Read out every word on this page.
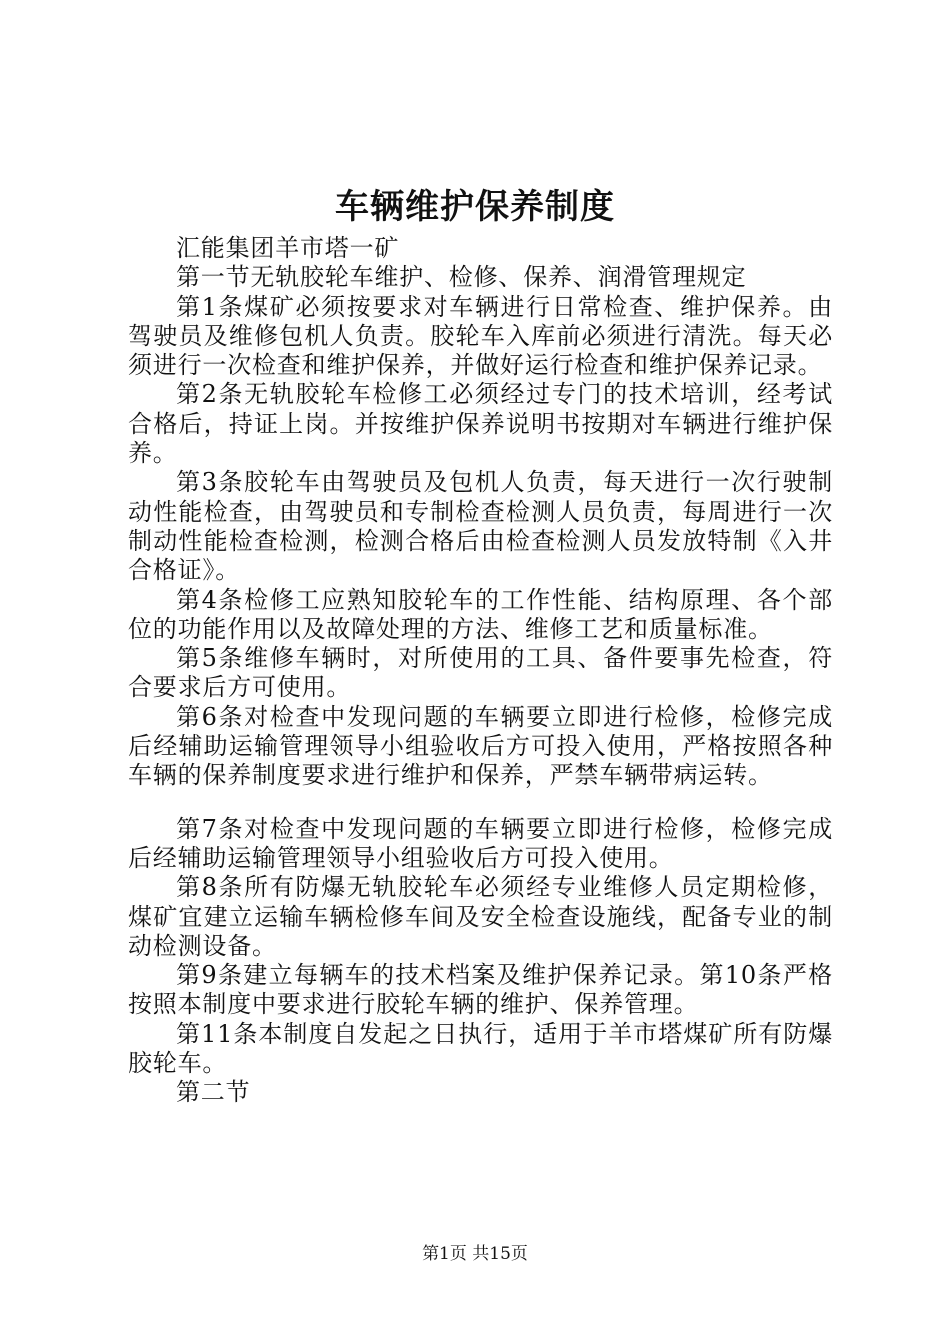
车辆维护保养制度

汇能集团羊市塔一矿

第一节无轨胶轮车维护、检修、保养、润滑管理规定

第1条煤矿必须按要求对车辆进行日常检查、维护保养。由驾驶员及维修包机人负责。胶轮车入库前必须进行清洗。每天必须进行一次检查和维护保养，并做好运行检查和维护保养记录。

第2条无轨胶轮车检修工必须经过专门的技术培训，经考试合格后，持证上岗。并按维护保养说明书按期对车辆进行维护保养。

第3条胶轮车由驾驶员及包机人负责，每天进行一次行驶制动性能检查，由驾驶员和专制检查检测人员负责，每周进行一次制动性能检查检测，检测合格后由检查检测人员发放特制《入井合格证》。

第4条检修工应熟知胶轮车的工作性能、结构原理、各个部位的功能作用以及故障处理的方法、维修工艺和质量标准。

第5条维修车辆时，对所使用的工具、备件要事先检查，符合要求后方可使用。

第6条对检查中发现问题的车辆要立即进行检修，检修完成后经辅助运输管理领导小组验收后方可投入使用，严格按照各种车辆的保养制度要求进行维护和保养，严禁车辆带病运转。

第7条对检查中发现问题的车辆要立即进行检修，检修完成后经辅助运输管理领导小组验收后方可投入使用。

第8条所有防爆无轨胶轮车必须经专业维修人员定期检修，煤矿宜建立运输车辆检修车间及安全检查设施线，配备专业的制动检测设备。

第9条建立每辆车的技术档案及维护保养记录。第10条严格按照本制度中要求进行胶轮车辆的维护、保养管理。

第11条本制度自发起之日执行，适用于羊市塔煤矿所有防爆胶轮车。

第二节

第1页 共15页
